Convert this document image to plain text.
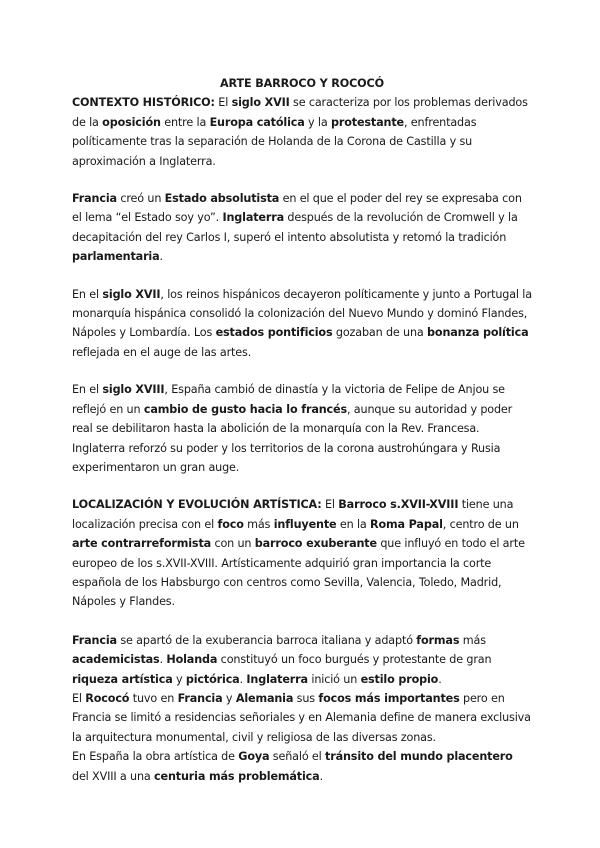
ARTE BARROCO Y ROCOCÓ

CONTEXTO HISTÓRICO: El siglo XVII se caracteriza por los problemas derivados de la oposición entre la Europa católica y la protestante, enfrentadas políticamente tras la separación de Holanda de la Corona de Castilla y su aproximación a Inglaterra.

Francia creó un Estado absolutista en el que el poder del rey se expresaba con el lema “el Estado soy yo”. Inglaterra después de la revolución de Cromwell y la decapitación del rey Carlos I, superó el intento absolutista y retomó la tradición parlamentaria.

En el siglo XVII, los reinos hispánicos decayeron políticamente y junto a Portugal la monarquía hispánica consolidó la colonización del Nuevo Mundo y dominó Flandes, Nápoles y Lombardía. Los estados pontificios gozaban de una bonanza política reflejada en el auge de las artes.

En el siglo XVIII, España cambió de dinastía y la victoria de Felipe de Anjou se reflejó en un cambio de gusto hacia lo francés, aunque su autoridad y poder real se debilitaron hasta la abolición de la monarquía con la Rev. Francesa. Inglaterra reforzó su poder y los territorios de la corona austrohúngara y Rusia experimentaron un gran auge.

LOCALIZACIÓN Y EVOLUCIÓN ARTÍSTICA: El Barroco s.XVII-XVIII tiene una localización precisa con el foco más influyente en la Roma Papal, centro de un arte contrarreformista con un barroco exuberante que influyó en todo el arte europeo de los s.XVII-XVIII. Artísticamente adquirió gran importancia la corte española de los Habsburgo con centros como Sevilla, Valencia, Toledo, Madrid, Nápoles y Flandes.

Francia se apartó de la exuberancia barroca italiana y adaptó formas más academicistas. Holanda constituyó un foco burgués y protestante de gran riqueza artística y pictórica. Inglaterra inició un estilo propio.

El Rococó tuvo en Francia y Alemania sus focos más importantes pero en Francia se limitó a residencias señoriales y en Alemania define de manera exclusiva la arquitectura monumental, civil y religiosa de las diversas zonas.

En España la obra artística de Goya señaló el tránsito del mundo placentero del XVIII a una centuria más problemática.
